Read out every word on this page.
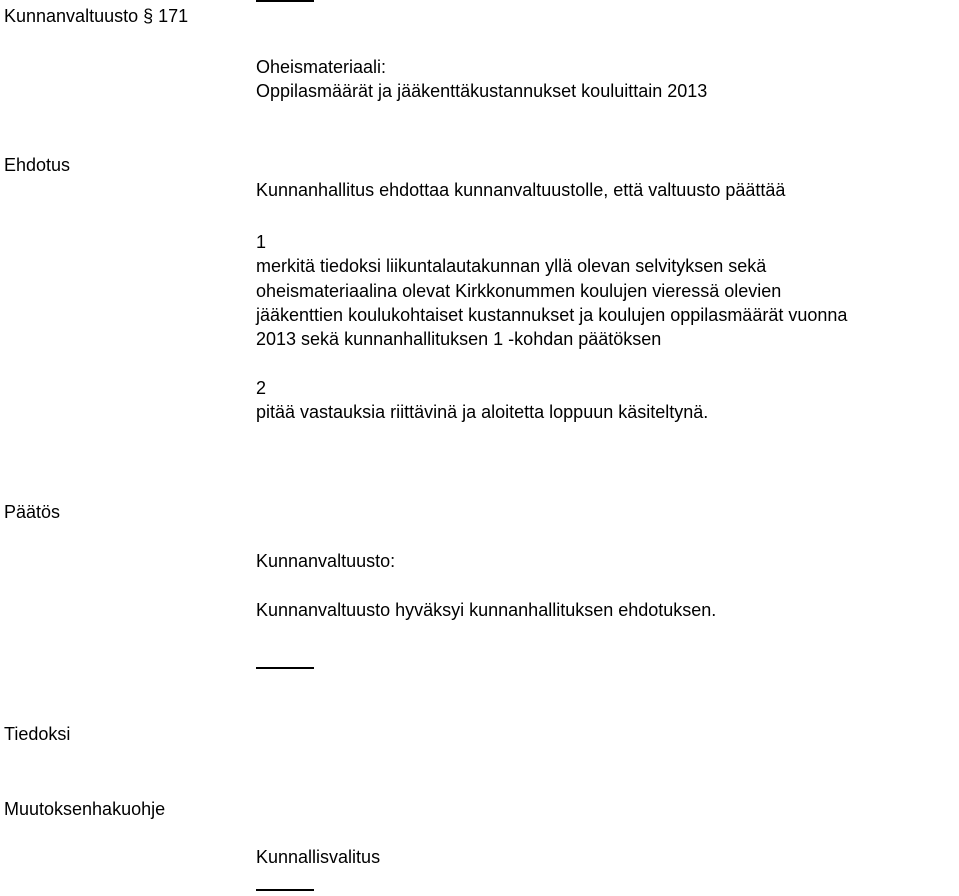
Kunnanvaltuusto § 171
Oheismateriaali:
Oppilasmäärät ja jääkenttäkustannukset kouluittain 2013
Ehdotus
Kunnanhallitus ehdottaa kunnanvaltuustolle, että valtuusto päättää
1
merkitä tiedoksi liikuntalautakunnan yllä olevan selvityksen sekä
oheismateriaalina olevat Kirkkonummen koulujen vieressä olevien
jääkenttien koulukohtaiset kustannukset ja koulujen oppilasmäärät vuonna
2013 sekä kunnanhallituksen 1 -kohdan päätöksen
2
pitää vastauksia riittävinä ja aloitetta loppuun käsiteltynä.
Päätös
Kunnanvaltuusto:
Kunnanvaltuusto hyväksyi kunnanhallituksen ehdotuksen.
Tiedoksi
Muutoksenhakuohje
Kunnallisvalitus
